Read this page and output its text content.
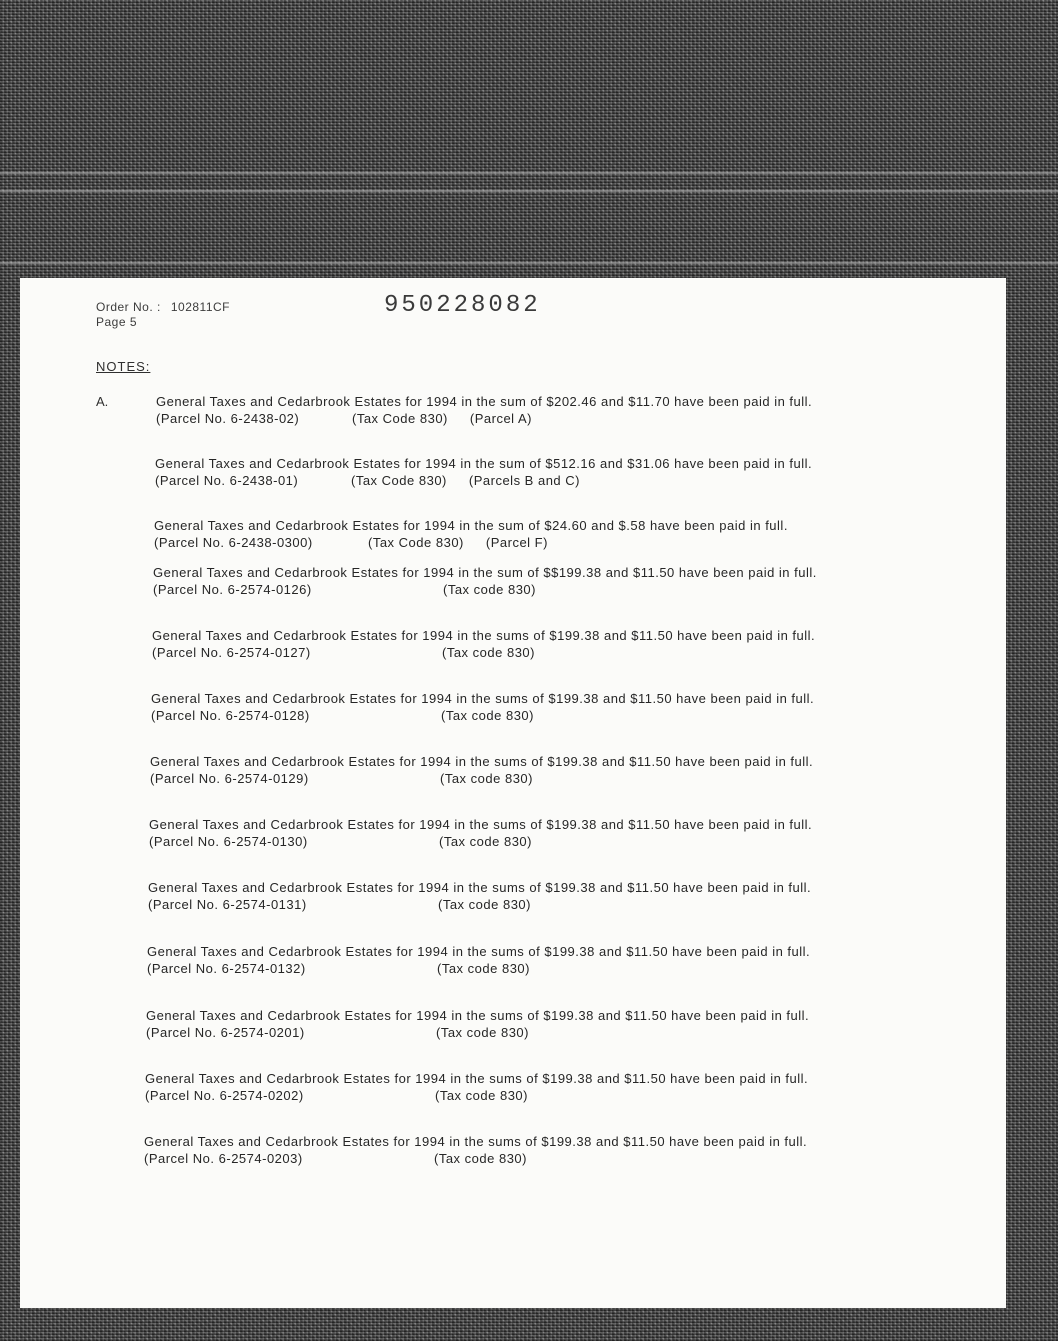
Order No. : 102811CF
Page 5
950228082
NOTES:
A.	General Taxes and Cedarbrook Estates for 1994 in the sum of $202.46 and $11.70 have been paid in full.
(Parcel No. 6-2438-02)	(Tax Code 830) (Parcel A)
General Taxes and Cedarbrook Estates for 1994 in the sum of $512.16 and $31.06 have been paid in full.
(Parcel No. 6-2438-01)	(Tax Code 830) (Parcels B and C)
General Taxes and Cedarbrook Estates for 1994 in the sum of $24.60 and $.58 have been paid in full.
(Parcel No. 6-2438-0300)	(Tax Code 830) (Parcel F)
General Taxes and Cedarbrook Estates for 1994 in the sum of $$199.38 and $11.50 have been paid in full.
(Parcel No. 6-2574-0126)	(Tax code 830)
General Taxes and Cedarbrook Estates for 1994 in the sums of $199.38 and $11.50 have been paid in full.
(Parcel No. 6-2574-0127)	(Tax code 830)
General Taxes and Cedarbrook Estates for 1994 in the sums of $199.38 and $11.50 have been paid in full.
(Parcel No. 6-2574-0128)	(Tax code 830)
General Taxes and Cedarbrook Estates for 1994 in the sums of $199.38 and $11.50 have been paid in full.
(Parcel No. 6-2574-0129)	(Tax code 830)
General Taxes and Cedarbrook Estates for 1994 in the sums of $199.38 and $11.50 have been paid in full.
(Parcel No. 6-2574-0130)	(Tax code 830)
General Taxes and Cedarbrook Estates for 1994 in the sums of $199.38 and $11.50 have been paid in full.
(Parcel No. 6-2574-0131)	(Tax code 830)
General Taxes and Cedarbrook Estates for 1994 in the sums of $199.38 and $11.50 have been paid in full.
(Parcel No. 6-2574-0132)	(Tax code 830)
General Taxes and Cedarbrook Estates for 1994 in the sums of $199.38 and $11.50 have been paid in full.
(Parcel No. 6-2574-0201)	(Tax code 830)
General Taxes and Cedarbrook Estates for 1994 in the sums of $199.38 and $11.50 have been paid in full.
(Parcel No. 6-2574-0202)	(Tax code 830)
General Taxes and Cedarbrook Estates for 1994 in the sums of $199.38 and $11.50 have been paid in full.
(Parcel No. 6-2574-0203)	(Tax code 830)
